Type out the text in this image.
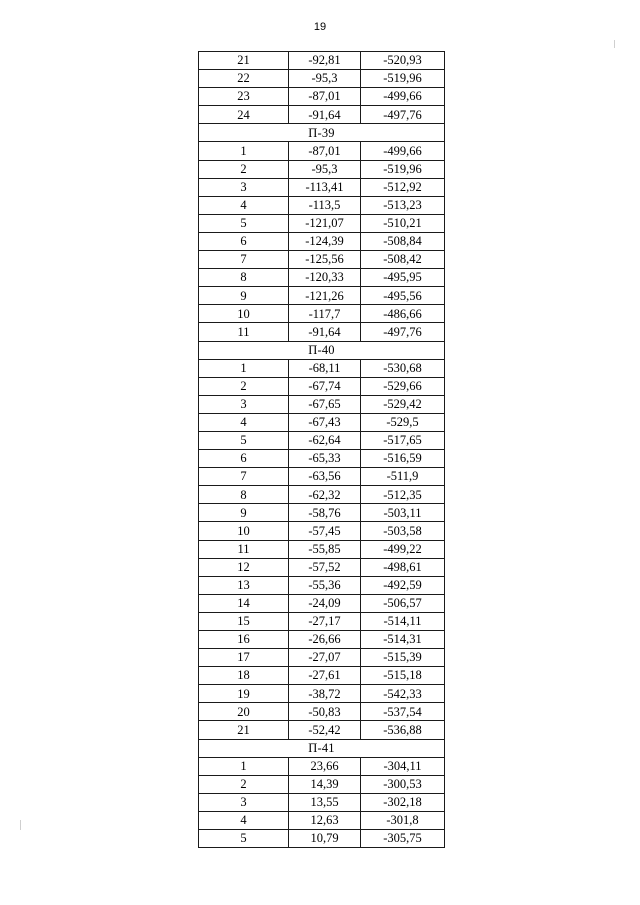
19
21	-92,81	-520,93
22	-95,3	-519,96
23	-87,01	-499,66
24	-91,64	-497,76
П-39		
1	-87,01	-499,66
2	-95,3	-519,96
3	-113,41	-512,92
4	-113,5	-513,23
5	-121,07	-510,21
6	-124,39	-508,84
7	-125,56	-508,42
8	-120,33	-495,95
9	-121,26	-495,56
10	-117,7	-486,66
11	-91,64	-497,76
П-40		
1	-68,11	-530,68
2	-67,74	-529,66
3	-67,65	-529,42
4	-67,43	-529,5
5	-62,64	-517,65
6	-65,33	-516,59
7	-63,56	-511,9
8	-62,32	-512,35
9	-58,76	-503,11
10	-57,45	-503,58
11	-55,85	-499,22
12	-57,52	-498,61
13	-55,36	-492,59
14	-24,09	-506,57
15	-27,17	-514,11
16	-26,66	-514,31
17	-27,07	-515,39
18	-27,61	-515,18
19	-38,72	-542,33
20	-50,83	-537,54
21	-52,42	-536,88
П-41		
1	23,66	-304,11
2	14,39	-300,53
3	13,55	-302,18
4	12,63	-301,8
5	10,79	-305,75
